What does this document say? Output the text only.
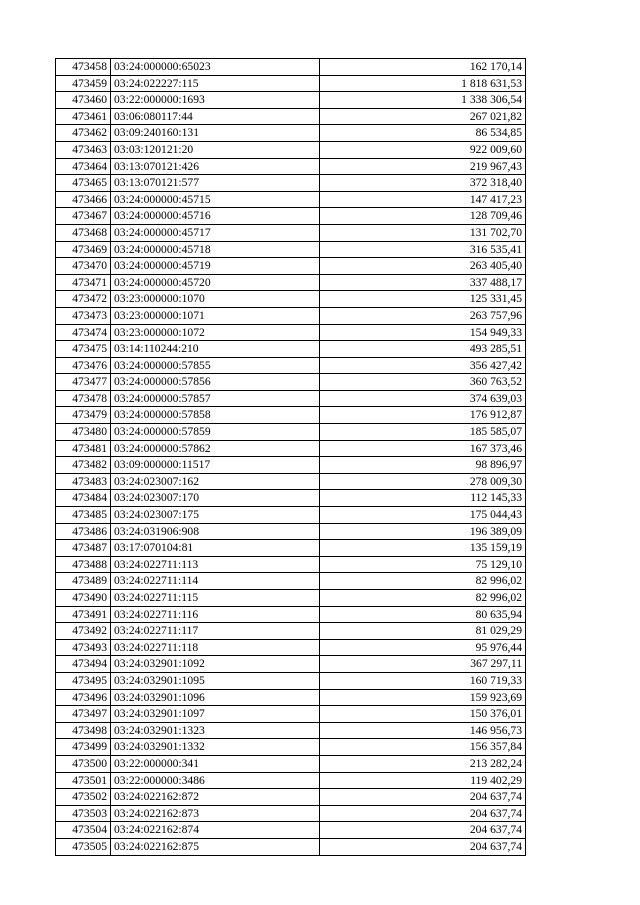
473458	03:24:000000:65023	162 170,14
473459	03:24:022227:115	1 818 631,53
473460	03:22:000000:1693	1 338 306,54
473461	03:06:080117:44	267 021,82
473462	03:09:240160:131	86 534,85
473463	03:03:120121:20	922 009,60
473464	03:13:070121:426	219 967,43
473465	03:13:070121:577	372 318,40
473466	03:24:000000:45715	147 417,23
473467	03:24:000000:45716	128 709,46
473468	03:24:000000:45717	131 702,70
473469	03:24:000000:45718	316 535,41
473470	03:24:000000:45719	263 405,40
473471	03:24:000000:45720	337 488,17
473472	03:23:000000:1070	125 331,45
473473	03:23:000000:1071	263 757,96
473474	03:23:000000:1072	154 949,33
473475	03:14:110244:210	493 285,51
473476	03:24:000000:57855	356 427,42
473477	03:24:000000:57856	360 763,52
473478	03:24:000000:57857	374 639,03
473479	03:24:000000:57858	176 912,87
473480	03:24:000000:57859	185 585,07
473481	03:24:000000:57862	167 373,46
473482	03:09:000000:11517	98 896,97
473483	03:24:023007:162	278 009,30
473484	03:24:023007:170	112 145,33
473485	03:24:023007:175	175 044,43
473486	03:24:031906:908	196 389,09
473487	03:17:070104:81	135 159,19
473488	03:24:022711:113	75 129,10
473489	03:24:022711:114	82 996,02
473490	03:24:022711:115	82 996,02
473491	03:24:022711:116	80 635,94
473492	03:24:022711:117	81 029,29
473493	03:24:022711:118	95 976,44
473494	03:24:032901:1092	367 297,11
473495	03:24:032901:1095	160 719,33
473496	03:24:032901:1096	159 923,69
473497	03:24:032901:1097	150 376,01
473498	03:24:032901:1323	146 956,73
473499	03:24:032901:1332	156 357,84
473500	03:22:000000:341	213 282,24
473501	03:22:000000:3486	119 402,29
473502	03:24:022162:872	204 637,74
473503	03:24:022162:873	204 637,74
473504	03:24:022162:874	204 637,74
473505	03:24:022162:875	204 637,74
